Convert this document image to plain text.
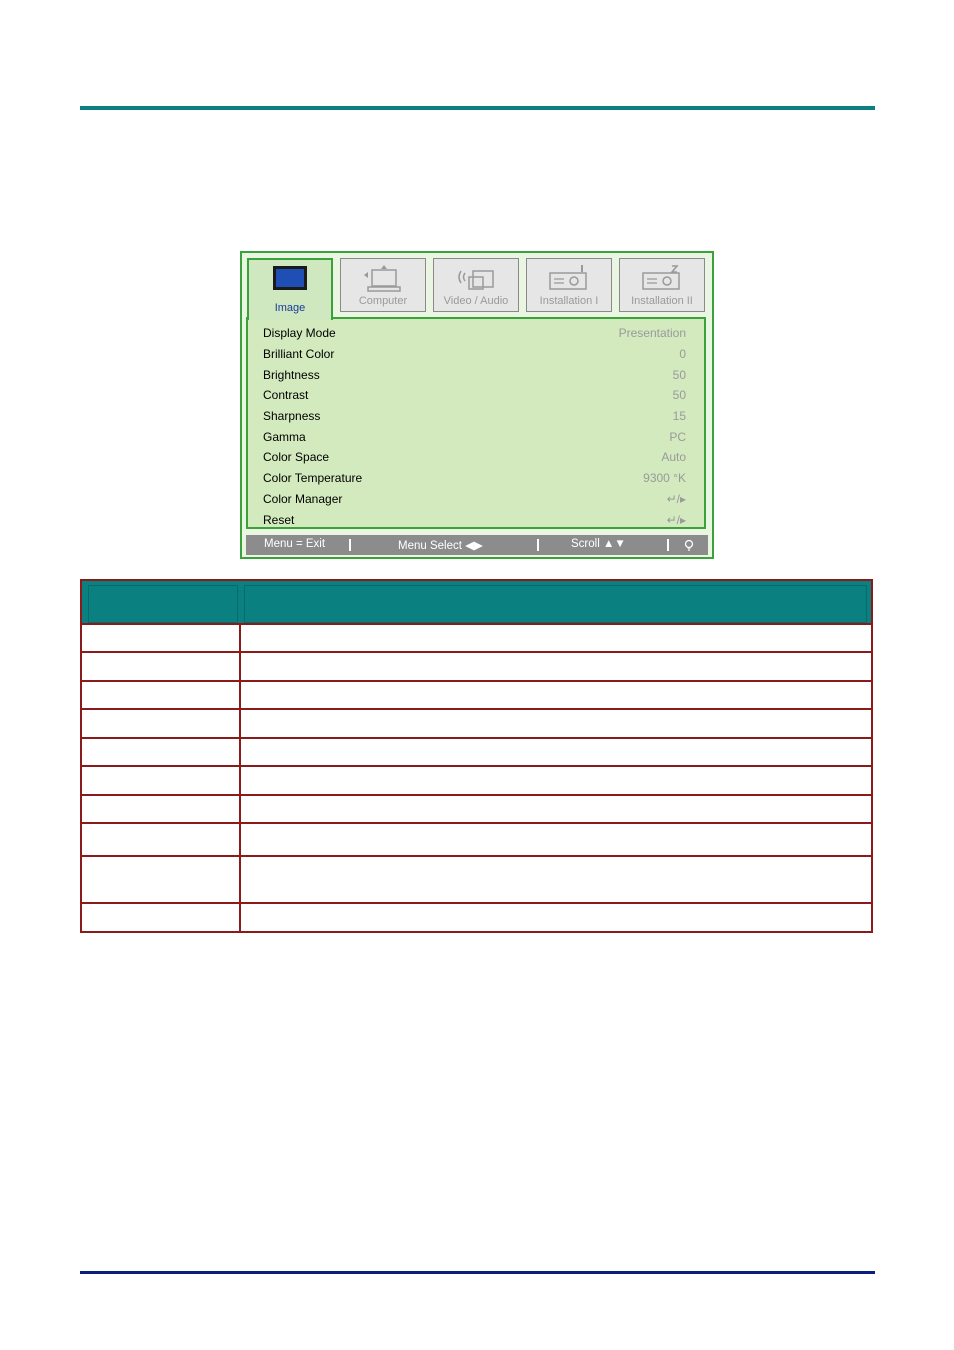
Image
Computer	Video / Audio	Installation I	Installation II
Display Mode	Presentation
Brilliant Color	0
Brightness	50
Contrast	50
Sharpness	15
Gamma	PC
Color Space	Auto
Color Temperature	9300 °K
Color Manager	↵/▸
Reset	↵/▸
Menu = Exit	Menu Select ◀▶	Scroll ▲▼
